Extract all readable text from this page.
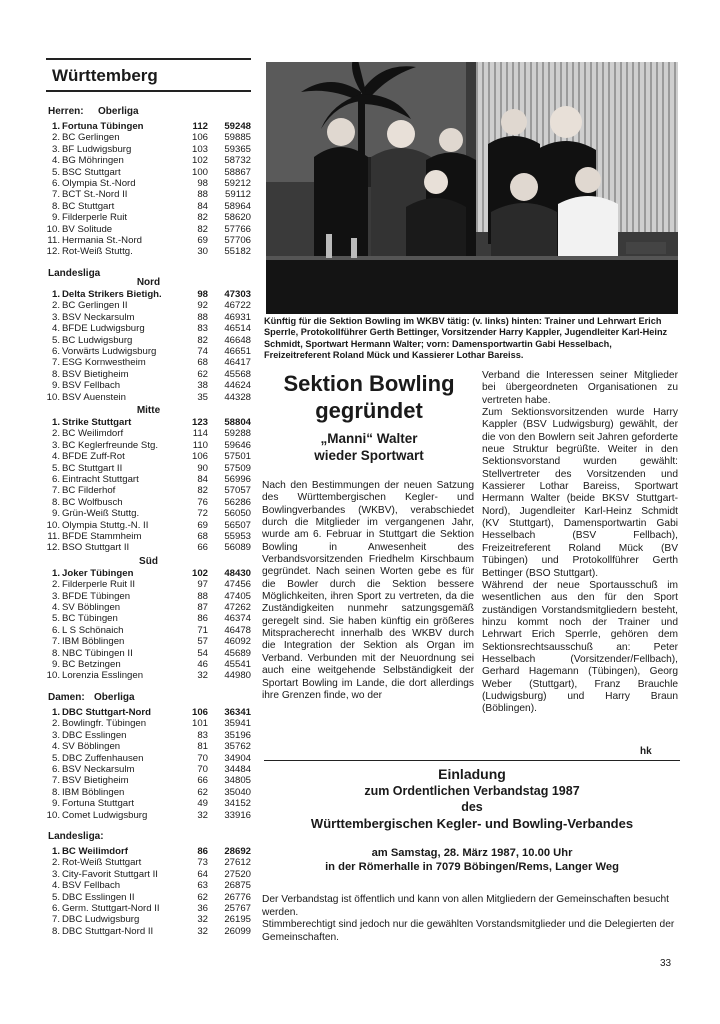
Württemberg
Herren: Oberliga
1.	Fortuna Tübingen	112	59248
2.	BC Gerlingen	106	59885
3.	BF Ludwigsburg	103	59365
4.	BG Möhringen	102	58732
5.	BSC Stuttgart	100	58867
6.	Olympia St.-Nord	98	59212
7.	BCT St.-Nord II	88	59112
8.	BC Stuttgart	84	58964
9.	Filderperle Ruit	82	58620
10.	BV Solitude	82	57766
11.	Hermania St.-Nord	69	57706
12.	Rot-Weiß Stuttg.	30	55182
Landesliga
Nord
1.	Delta Strikers Bietigh.	98	47303
2.	BC Gerlingen II	92	46722
3.	BSV Neckarsulm	88	46931
4.	BFDE Ludwigsburg	83	46514
5.	BC Ludwigsburg	82	46648
6.	Vorwärts Ludwigsburg	74	46651
7.	ESG Kornwestheim	68	46417
8.	BSV Bietigheim	62	45568
9.	BSV Fellbach	38	44624
10.	BSV Auenstein	35	44328
Mitte
1.	Strike Stuttgart	123	58804
2.	BC Weilimdorf	114	59288
3.	BC Keglerfreunde Stg.	110	59646
4.	BFDE Zuff-Rot	106	57501
5.	BC Stuttgart II	90	57509
6.	Eintracht Stuttgart	84	56996
7.	BC Filderhof	82	57057
8.	BC Wolfbusch	76	56286
9.	Grün-Weiß Stuttg.	72	56050
10.	Olympia Stuttg.-N. II	69	56507
11.	BFDE Stammheim	68	55953
12.	BSO Stuttgart II	66	56089
Süd
1.	Joker Tübingen	102	48430
2.	Filderperle Ruit II	97	47456
3.	BFDE Tübingen	88	47405
4.	SV Böblingen	87	47262
5.	BC Tübingen	86	46374
6.	L S Schönaich	71	46478
7.	IBM Böblingen	57	46092
8.	NBC Tübingen II	54	45689
9.	BC Betzingen	46	45541
10.	Lorenzia Esslingen	32	44980
Damen: Oberliga
1.	DBC Stuttgart-Nord	106	36341
2.	Bowlingfr. Tübingen	101	35941
3.	DBC Esslingen	83	35196
4.	SV Böblingen	81	35762
5.	DBC Zuffenhausen	70	34904
6.	BSV Neckarsulm	70	34484
7.	BSV Bietigheim	66	34805
8.	IBM Böblingen	62	35040
9.	Fortuna Stuttgart	49	34152
10.	Comet Ludwigsburg	32	33916
Landesliga:
1.	BC Weilimdorf	86	28692
2.	Rot-Weiß Stuttgart	73	27612
3.	City-Favorit Stuttgart II	64	27520
4.	BSV Fellbach	63	26875
5.	DBC Esslingen II	62	26776
6.	Germ. Stuttgart-Nord II	36	25767
7.	DBC Ludwigsburg	32	26195
8.	DBC Stuttgart-Nord II	32	26099
Künftig für die Sektion Bowling im WKBV tätig: (v. links) hinten: Trainer und Lehrwart Erich Sperrle, Protokollführer Gerth Bettinger, Vorsitzender Harry Kappler, Jugendleiter Karl-Heinz Schmidt, Sportwart Hermann Walter; vorn: Damensportwartin Gabi Hesselbach, Freizeitreferent Roland Mück und Kassierer Lothar Bareiss.
Sektion Bowling
gegründet
„Manni“ Walter
wieder Sportwart
Nach den Bestimmungen der neuen Satzung des Württembergischen Kegler- und Bowlingverbandes (WKBV), verabschiedet durch die Mitglieder im vergangenen Jahr, wurde am 6. Februar in Stuttgart die Sektion Bowling in Anwesenheit des Verbandsvorsitzenden Friedhelm Kirschbaum gegründet. Nach seinen Worten gebe es für die Bowler durch die Sektion bessere Möglichkeiten, ihren Sport zu vertreten, da die Zuständigkeiten nunmehr satzungsgemäß geregelt sind. Sie haben künftig ein größeres Mitspracherecht innerhalb des WKBV durch die Integration der Sektion als Organ im Verband. Verbunden mit der Neuordnung sei auch eine weitgehende Selbständigkeit der Sportart Bowling im Lande, die dort allerdings ihre Grenzen finde, wo der
Verband die Interessen seiner Mitglieder bei übergeordneten Organisationen zu vertreten habe.
Zum Sektionsvorsitzenden wurde Harry Kappler (BSV Ludwigsburg) gewählt, der die von den Bowlern seit Jahren geforderte neue Struktur begrüßte. Weiter in den Sektionsvorstand wurden gewählt: Stellvertreter des Vorsitzenden und Kassierer Lothar Bareiss, Sportwart Hermann Walter (beide BKSV Stuttgart-Nord), Jugendleiter Karl-Heinz Schmidt (KV Stuttgart), Damensportwartin Gabi Hesselbach (BSV Fellbach), Freizeitreferent Roland Mück (BV Tübingen) und Protokollführer Gerth Bettinger (BSO Stuttgart).
Während der neue Sportausschuß im wesentlichen aus den für den Sport zuständigen Vorstandsmitgliedern besteht, hinzu kommt noch der Trainer und Lehrwart Erich Sperrle, gehören dem Sektionsrechtsausschuß an: Peter Hesselbach (Vorsitzender/Fellbach), Gerhard Hagemann (Tübingen), Georg Weber (Stuttgart), Franz Brauchle (Ludwigsburg) und Harry Braun (Böblingen).
hk
Einladung
zum Ordentlichen Verbandstag 1987
des
Württembergischen Kegler- und Bowling-Verbandes
am Samstag, 28. März 1987, 10.00 Uhr
in der Römerhalle in 7079 Böbingen/Rems, Langer Weg
Der Verbandstag ist öffentlich und kann von allen Mitgliedern der Gemeinschaften besucht werden.
Stimmberechtigt sind jedoch nur die gewählten Vorstandsmitglieder und die Delegierten der Gemeinschaften.
33
